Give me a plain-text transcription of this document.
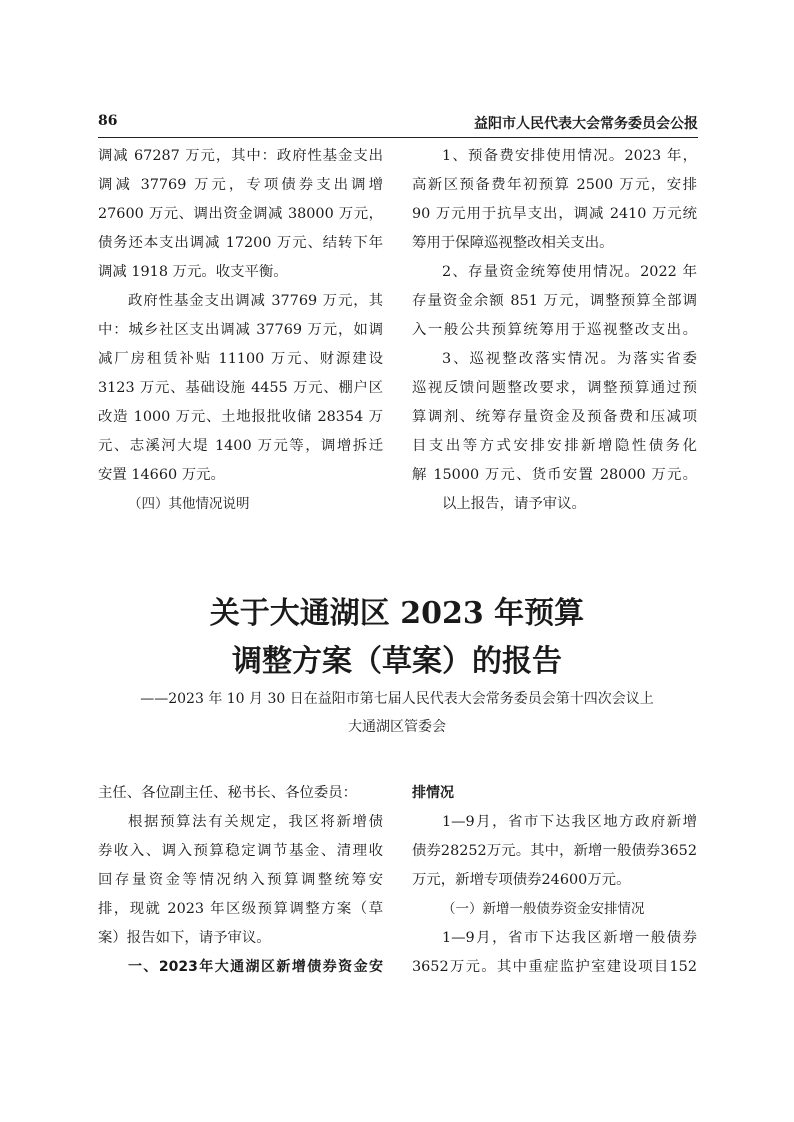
86	益阳市人民代表大会常务委员会公报
调减 67287 万元，其中：政府性基金支出
调减 37769 万元，专项债券支出调增
27600 万元、调出资金调减 38000 万元，
债务还本支出调减 17200 万元、结转下年
调减 1918 万元。收支平衡。
政府性基金支出调减 37769 万元，其
中：城乡社区支出调减 37769 万元，如调
减厂房租赁补贴 11100 万元、财源建设
3123 万元、基础设施 4455 万元、棚户区
改造 1000 万元、土地报批收储 28354 万
元、志溪河大堤 1400 万元等，调增拆迁
安置 14660 万元。
（四）其他情况说明
1、预备费安排使用情况。2023 年，
高新区预备费年初预算 2500 万元，安排
90 万元用于抗旱支出，调减 2410 万元统
筹用于保障巡视整改相关支出。
2、存量资金统筹使用情况。2022 年
存量资金余额 851 万元，调整预算全部调
入一般公共预算统筹用于巡视整改支出。
3、巡视整改落实情况。为落实省委
巡视反馈问题整改要求，调整预算通过预
算调剂、统筹存量资金及预备费和压减项
目支出等方式安排安排新增隐性债务化
解 15000 万元、货币安置 28000 万元。
以上报告，请予审议。
关于大通湖区 2023 年预算
调整方案（草案）的报告
——2023 年 10 月 30 日在益阳市第七届人民代表大会常务委员会第十四次会议上
大通湖区管委会
主任、各位副主任、秘书长、各位委员：
根据预算法有关规定，我区将新增债
券收入、调入预算稳定调节基金、清理收
回存量资金等情况纳入预算调整统筹安
排，现就 2023 年区级预算调整方案（草
案）报告如下，请予审议。
一、2023年大通湖区新增债券资金安
排情况
1—9月，省市下达我区地方政府新增
债券28252万元。其中，新增一般债券3652
万元，新增专项债券24600万元。
（一）新增一般债券资金安排情况
1—9月，省市下达我区新增一般债券
3652万元。其中重症监护室建设项目152
